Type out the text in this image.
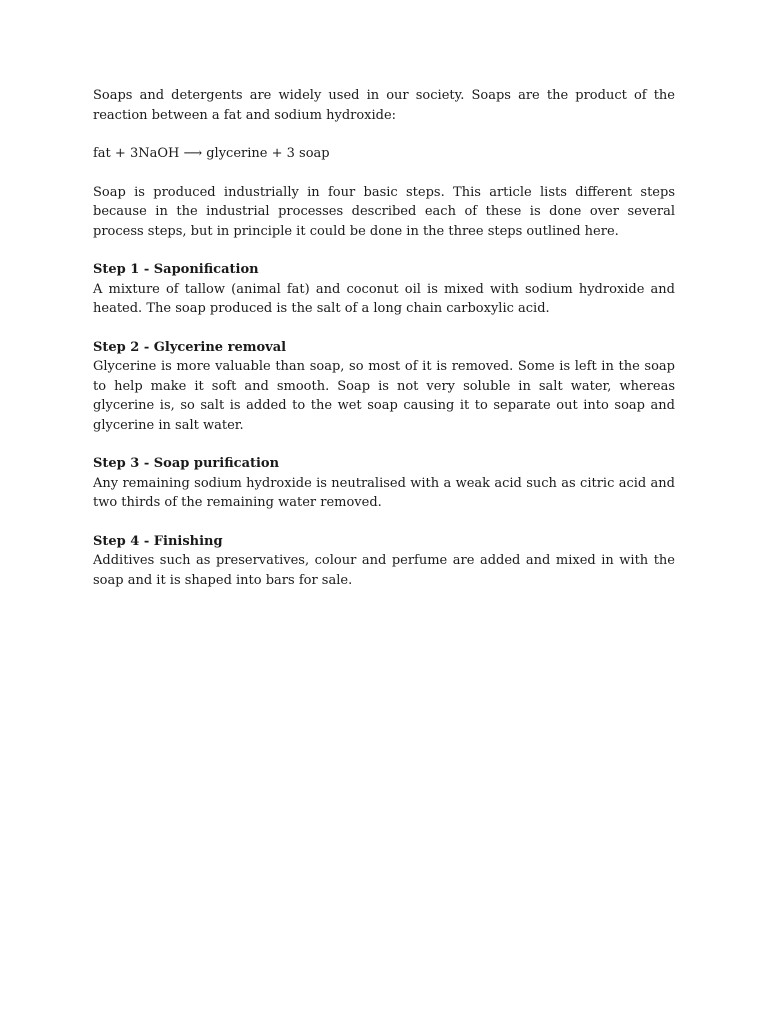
Soaps and detergents are widely used in our society. Soaps are the product of the reaction between a fat and sodium hydroxide:

fat + 3NaOH ⟶ glycerine + 3 soap

Soap is produced industrially in four basic steps. This article lists different steps because in the industrial processes described each of these is done over several process steps, but in principle it could be done in the three steps outlined here.

Step 1 - Saponification

A mixture of tallow (animal fat) and coconut oil is mixed with sodium hydroxide and heated. The soap produced is the salt of a long chain carboxylic acid.

Step 2 - Glycerine removal

Glycerine is more valuable than soap, so most of it is removed. Some is left in the soap to help make it soft and smooth. Soap is not very soluble in salt water, whereas glycerine is, so salt is added to the wet soap causing it to separate out into soap and glycerine in salt water.

Step 3 - Soap purification

Any remaining sodium hydroxide is neutralised with a weak acid such as citric acid and two thirds of the remaining water removed.

Step 4 - Finishing

Additives such as preservatives, colour and perfume are added and mixed in with the soap and it is shaped into bars for sale.
